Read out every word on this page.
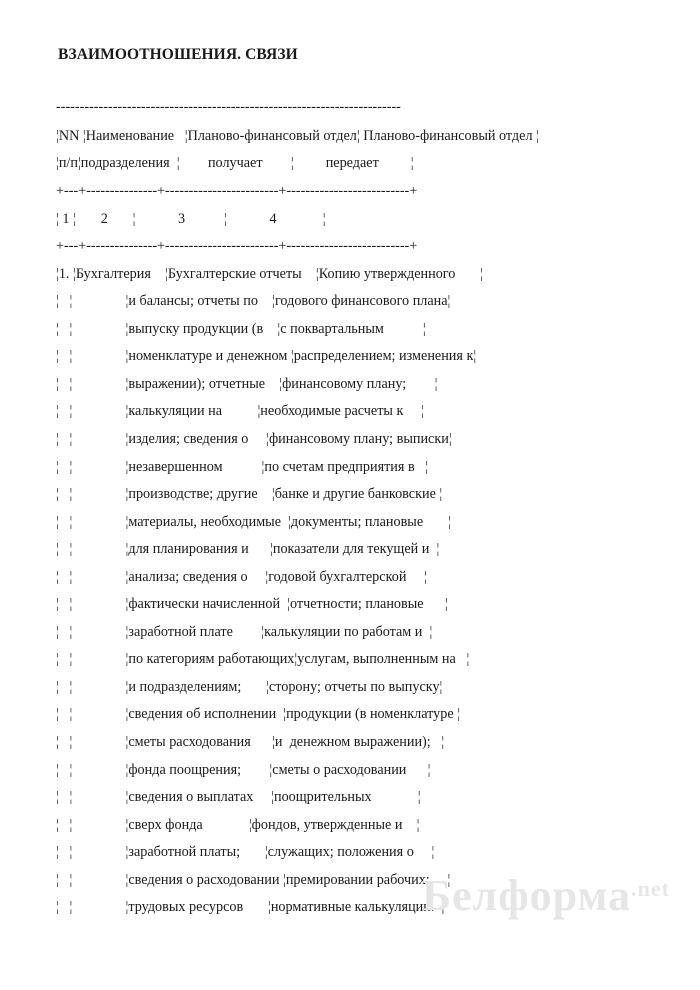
ВЗАИМООТНОШЕНИЯ. СВЯЗИ
-------------------------------------------------------------------------
¦NN ¦Наименование   ¦Планово-финансовый отдел¦ Планово-финансовый отдел ¦
¦п/п¦подразделения  ¦        получает        ¦         передает         ¦
+---+---------------+------------------------+--------------------------+
¦ 1 ¦       2       ¦            3           ¦            4             ¦
+---+---------------+------------------------+--------------------------+
¦1. ¦Бухгалтерия    ¦Бухгалтерские отчеты    ¦Копию утвержденного       ¦
¦   ¦               ¦и балансы; отчеты по    ¦годового финансового плана¦
¦   ¦               ¦выпуску продукции (в    ¦с поквартальным           ¦
¦   ¦               ¦номенклатуре и денежном ¦распределением; изменения к¦
¦   ¦               ¦выражении); отчетные    ¦финансовому плану;        ¦
¦   ¦               ¦калькуляции на          ¦необходимые расчеты к     ¦
¦   ¦               ¦изделия; сведения о     ¦финансовому плану; выписки¦
¦   ¦               ¦незавершенном           ¦по счетам предприятия в   ¦
¦   ¦               ¦производстве; другие    ¦банке и другие банковские ¦
¦   ¦               ¦материалы, необходимые  ¦документы; плановые       ¦
¦   ¦               ¦для планирования и      ¦показатели для текущей и  ¦
¦   ¦               ¦анализа; сведения о     ¦годовой бухгалтерской     ¦
¦   ¦               ¦фактически начисленной  ¦отчетности; плановые      ¦
¦   ¦               ¦заработной плате        ¦калькуляции по работам и  ¦
¦   ¦               ¦по категориям работающих¦услугам, выполненным на   ¦
¦   ¦               ¦и подразделениям;       ¦сторону; отчеты по выпуску¦
¦   ¦               ¦сведения об исполнении  ¦продукции (в номенклатуре ¦
¦   ¦               ¦сметы расходования      ¦и  денежном выражении);   ¦
¦   ¦               ¦фонда поощрения;        ¦сметы о расходовании      ¦
¦   ¦               ¦сведения о выплатах     ¦поощрительных             ¦
¦   ¦               ¦сверх фонда             ¦фондов, утвержденные и    ¦
¦   ¦               ¦заработной платы;       ¦служащих; положения о     ¦
¦   ¦               ¦сведения о расходовании ¦премировании рабочих;     ¦
¦   ¦               ¦трудовых ресурсов       ¦нормативные калькуляции.  ¦
Белформа$^{.net}$
